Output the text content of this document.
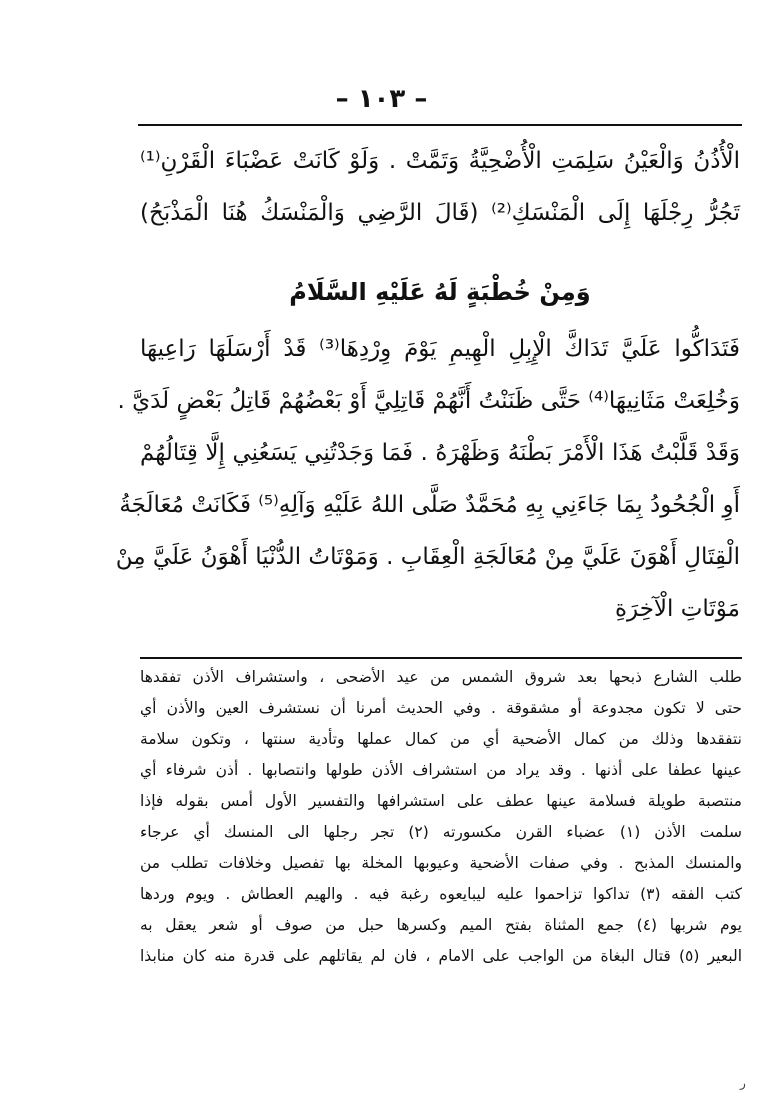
– ١٠٣ –
الْأُذُنُ وَالْعَيْنُ سَلِمَتِ الْأُضْحِيَّةُ وَتَمَّتْ . وَلَوْ كَانَتْ عَضْبَاءَ الْقَرْنِ⁽¹⁾
تَجُرُّ رِجْلَهَا إِلَى الْمَنْسَكِ⁽²⁾ (قَالَ الرَّضِي وَالْمَنْسَكُ هُنَا الْمَذْبَحُ)
وَمِنْ خُطْبَةٍ لَهُ عَلَيْهِ السَّلَامُ
فَتَدَاكُّوا عَلَيَّ تَدَاكَّ الْإِبِلِ الْهِيمِ يَوْمَ وِرْدِهَا⁽³⁾ قَدْ أَرْسَلَهَا رَاعِيهَا
وَخُلِعَتْ مَثَانِيهَا⁽⁴⁾ حَتَّى ظَنَنْتُ أَنَّهُمْ قَاتِلِيَّ أَوْ بَعْضُهُمْ قَاتِلُ بَعْضٍ لَدَيَّ .
وَقَدْ قَلَّبْتُ هَذَا الْأَمْرَ بَطْنَهُ وَظَهْرَهُ . فَمَا وَجَدْتُنِي يَسَعُنِي إِلَّا قِتَالُهُمْ
أَوِ الْجُحُودُ بِمَا جَاءَنِي بِهِ مُحَمَّدٌ صَلَّى اللهُ عَلَيْهِ وَآلِهِ⁽⁵⁾ فَكَانَتْ مُعَالَجَةُ
الْقِتَالِ أَهْوَنَ عَلَيَّ مِنْ مُعَالَجَةِ الْعِقَابِ . وَمَوْتَاتُ الدُّنْيَا أَهْوَنُ عَلَيَّ مِنْ
مَوْتَاتِ الْآخِرَةِ
طلب الشارع ذبحها بعد شروق الشمس من عيد الأضحى ، واستشراف الأذن تفقدها
حتى لا تكون مجدوعة أو مشقوقة . وفي الحديث أمرنا أن نستشرف العين والأذن أي
نتفقدها وذلك من كمال الأضحية أي من كمال عملها وتأدية سنتها ، وتكون سلامة
عينها عطفا على أذنها . وقد يراد من استشراف الأذن طولها وانتصابها . أذن شرفاء أي
منتصبة طويلة فسلامة عينها عطف على استشرافها والتفسير الأول أمس بقوله فإذا
سلمت الأذن (١) عضباء القرن مكسورته (٢) تجر رجلها الى المنسك أي عرجاء
والمنسك المذبح . وفي صفات الأضحية وعيوبها المخلة بها تفصيل وخلافات تطلب من
كتب الفقه (٣) تداكوا تزاحموا عليه ليبايعوه رغبة فيه . والهيم العطاش . ويوم وردها
يوم شربها (٤) جمع المثناة بفتح الميم وكسرها حبل من صوف أو شعر يعقل به
البعير (٥) قتال البغاة من الواجب على الامام ، فان لم يقاتلهم على قدرة منه كان منابذا
ر
